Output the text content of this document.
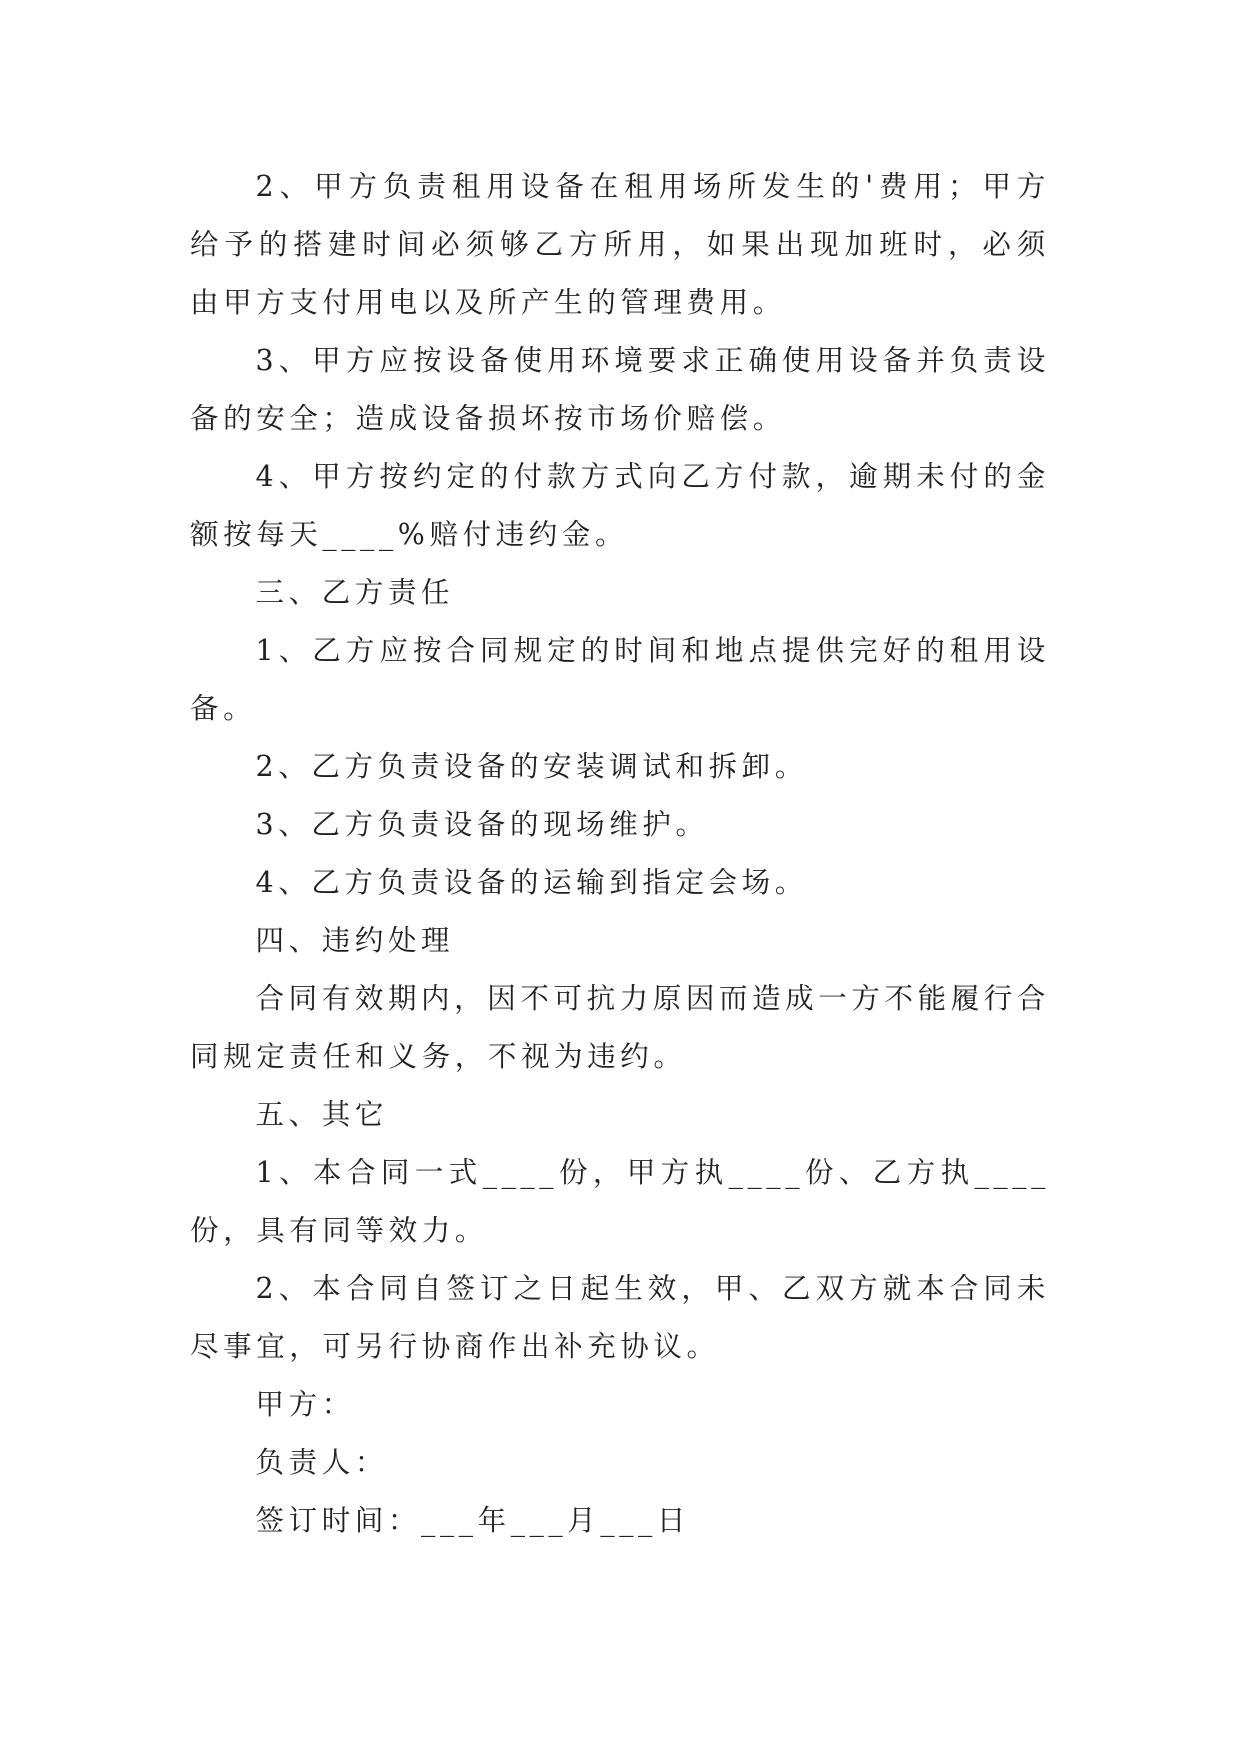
2、甲方负责租用设备在租用场所发生的'费用；甲方给予的搭建时间必须够乙方所用，如果出现加班时，必须由甲方支付用电以及所产生的管理费用。

3、甲方应按设备使用环境要求正确使用设备并负责设备的安全；造成设备损坏按市场价赔偿。

4、甲方按约定的付款方式向乙方付款，逾期未付的金额按每天____%赔付违约金。

三、乙方责任

1、乙方应按合同规定的时间和地点提供完好的租用设备。

2、乙方负责设备的安装调试和拆卸。

3、乙方负责设备的现场维护。

4、乙方负责设备的运输到指定会场。

四、违约处理

合同有效期内，因不可抗力原因而造成一方不能履行合同规定责任和义务，不视为违约。

五、其它

1、本合同一式____份，甲方执____份、乙方执____份，具有同等效力。

2、本合同自签订之日起生效，甲、乙双方就本合同未尽事宜，可另行协商作出补充协议。

甲方：

负责人：

签订时间：___年___月___日
